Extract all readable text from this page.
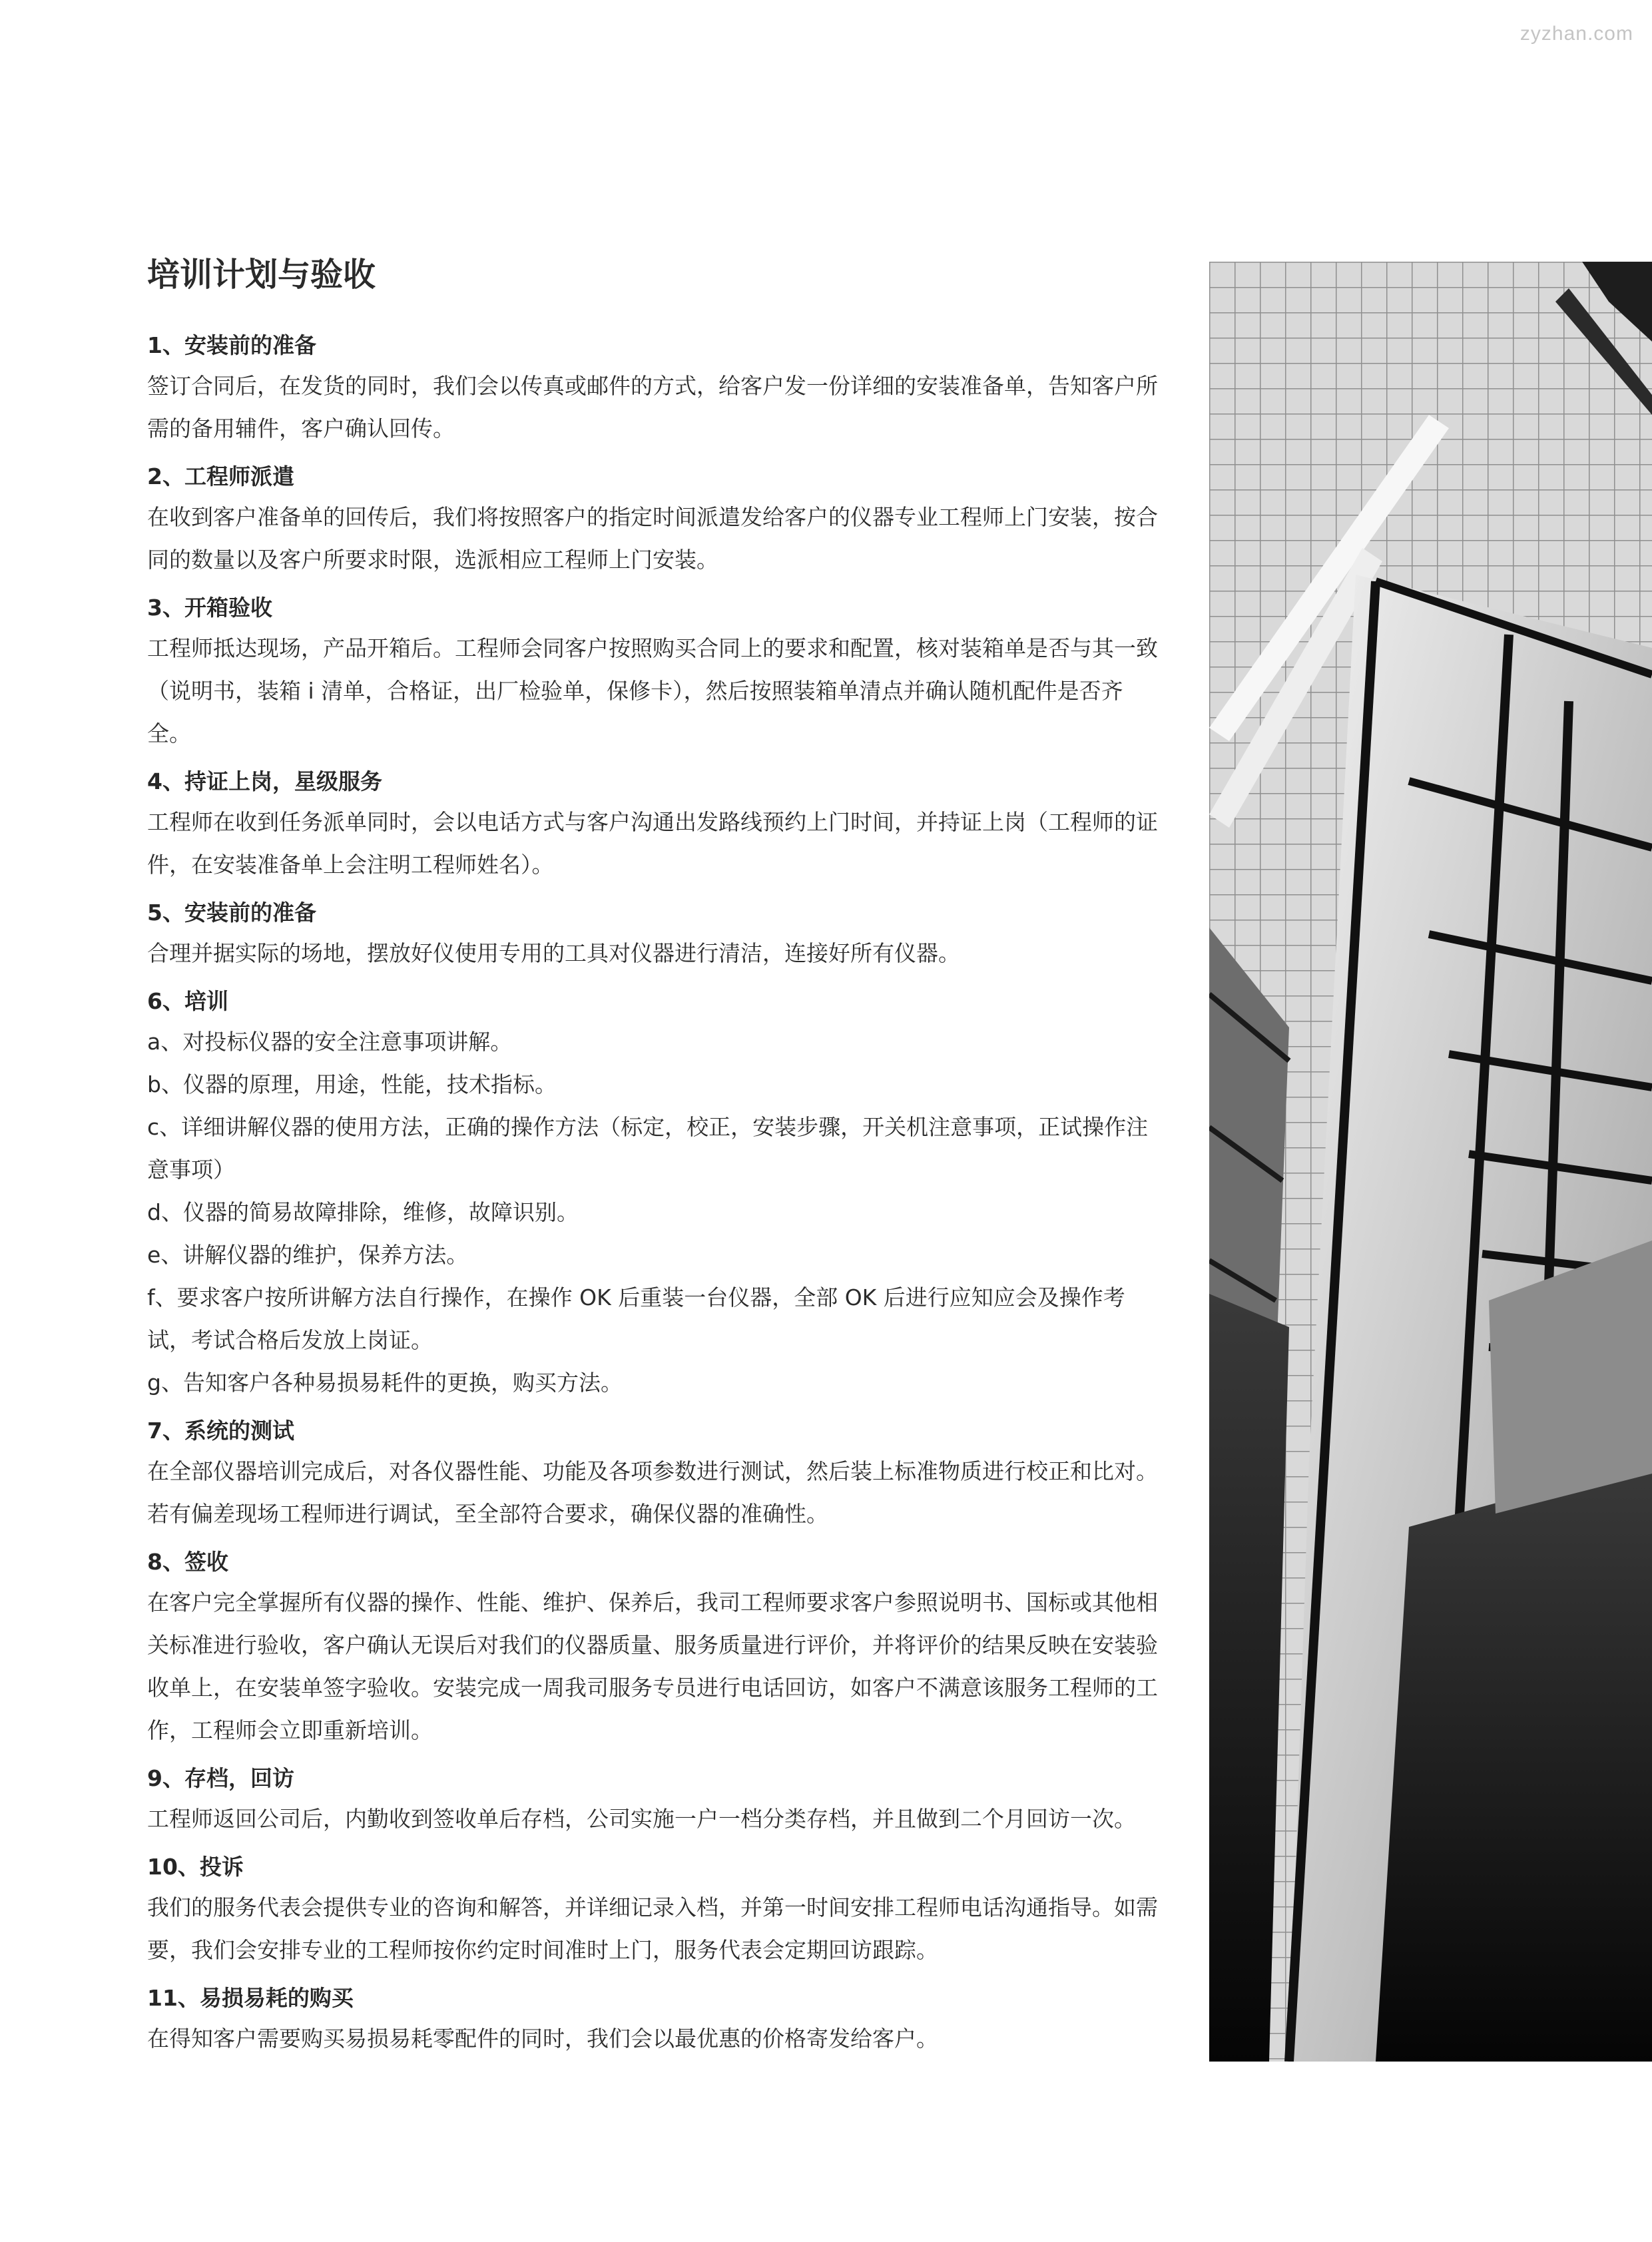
zyzhan.com
培训计划与验收
1、安装前的准备

签订合同后，在发货的同时，我们会以传真或邮件的方式，给客户发一份详细的安装准备单，告知客户所需的备用辅件，客户确认回传。

2、工程师派遣

在收到客户准备单的回传后，我们将按照客户的指定时间派遣发给客户的仪器专业工程师上门安装，按合同的数量以及客户所要求时限，选派相应工程师上门安装。

3、开箱验收

工程师抵达现场，产品开箱后。工程师会同客户按照购买合同上的要求和配置，核对装箱单是否与其一致（说明书，装箱 i 清单，合格证，出厂检验单，保修卡），然后按照装箱单清点并确认随机配件是否齐全。

4、持证上岗，星级服务

工程师在收到任务派单同时，会以电话方式与客户沟通出发路线预约上门时间，并持证上岗（工程师的证件，在安装准备单上会注明工程师姓名）。

5、安装前的准备

合理并据实际的场地，摆放好仪使用专用的工具对仪器进行清洁，连接好所有仪器。

6、培训

a、对投标仪器的安全注意事项讲解。

b、仪器的原理，用途，性能，技术指标。

c、详细讲解仪器的使用方法，正确的操作方法（标定，校正，安装步骤，开关机注意事项，正试操作注意事项）

d、仪器的简易故障排除，维修，故障识别。

e、讲解仪器的维护，保养方法。

f、要求客户按所讲解方法自行操作，在操作 OK 后重装一台仪器，全部 OK 后进行应知应会及操作考试，考试合格后发放上岗证。

g、告知客户各种易损易耗件的更换，购买方法。

7、系统的测试

在全部仪器培训完成后，对各仪器性能、功能及各项参数进行测试，然后装上标准物质进行校正和比对。若有偏差现场工程师进行调试，至全部符合要求，确保仪器的准确性。

8、签收

在客户完全掌握所有仪器的操作、性能、维护、保养后，我司工程师要求客户参照说明书、国标或其他相关标准进行验收，客户确认无误后对我们的仪器质量、服务质量进行评价，并将评价的结果反映在安装验收单上，在安装单签字验收。安装完成一周我司服务专员进行电话回访，如客户不满意该服务工程师的工作，工程师会立即重新培训。

9、存档，回访

工程师返回公司后，内勤收到签收单后存档，公司实施一户一档分类存档，并且做到二个月回访一次。

10、投诉

我们的服务代表会提供专业的咨询和解答，并详细记录入档，并第一时间安排工程师电话沟通指导。如需要，我们会安排专业的工程师按你约定时间准时上门，服务代表会定期回访跟踪。

11、易损易耗的购买

在得知客户需要购买易损易耗零配件的同时，我们会以最优惠的价格寄发给客户。
